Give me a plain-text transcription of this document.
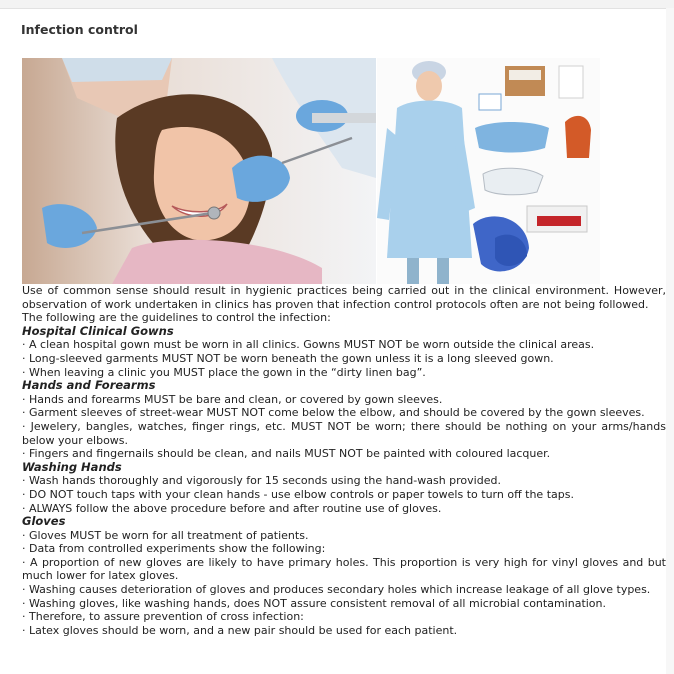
Infection control

Use of common sense should result in hygienic practices being carried out in the clinical environment. However, observation of work undertaken in clinics has proven that infection control protocols often are not being followed.

The following are the guidelines to control the infection:

Hospital Clinical Gowns
· A clean hospital gown must be worn in all clinics. Gowns MUST NOT be worn outside the clinical areas.
· Long-sleeved garments MUST NOT be worn beneath the gown unless it is a long sleeved gown.
· When leaving a clinic you MUST place the gown in the “dirty linen bag”.
Hands and Forearms
· Hands and forearms MUST be bare and clean, or covered by gown sleeves.
· Garment sleeves of street-wear MUST NOT come below the elbow, and should be covered by the gown sleeves.
· Jewelery, bangles, watches, finger rings, etc. MUST NOT be worn; there should be nothing on your arms/hands below your elbows.
· Fingers and fingernails should be clean, and nails MUST NOT be painted with coloured lacquer.
Washing Hands
· Wash hands thoroughly and vigorously for 15 seconds using the hand-wash provided.
· DO NOT touch taps with your clean hands - use elbow controls or paper towels to turn off the taps.
· ALWAYS follow the above procedure before and after routine use of gloves.
Gloves
· Gloves MUST be worn for all treatment of patients.
· Data from controlled experiments show the following:
· A proportion of new gloves are likely to have primary holes. This proportion is very high for vinyl gloves and but much lower for latex gloves.
· Washing causes deterioration of gloves and produces secondary holes which increase leakage of all glove types.
· Washing gloves, like washing hands, does NOT assure consistent removal of all microbial contamination.
· Therefore, to assure prevention of cross infection:
· Latex gloves should be worn, and a new pair should be used for each patient.
